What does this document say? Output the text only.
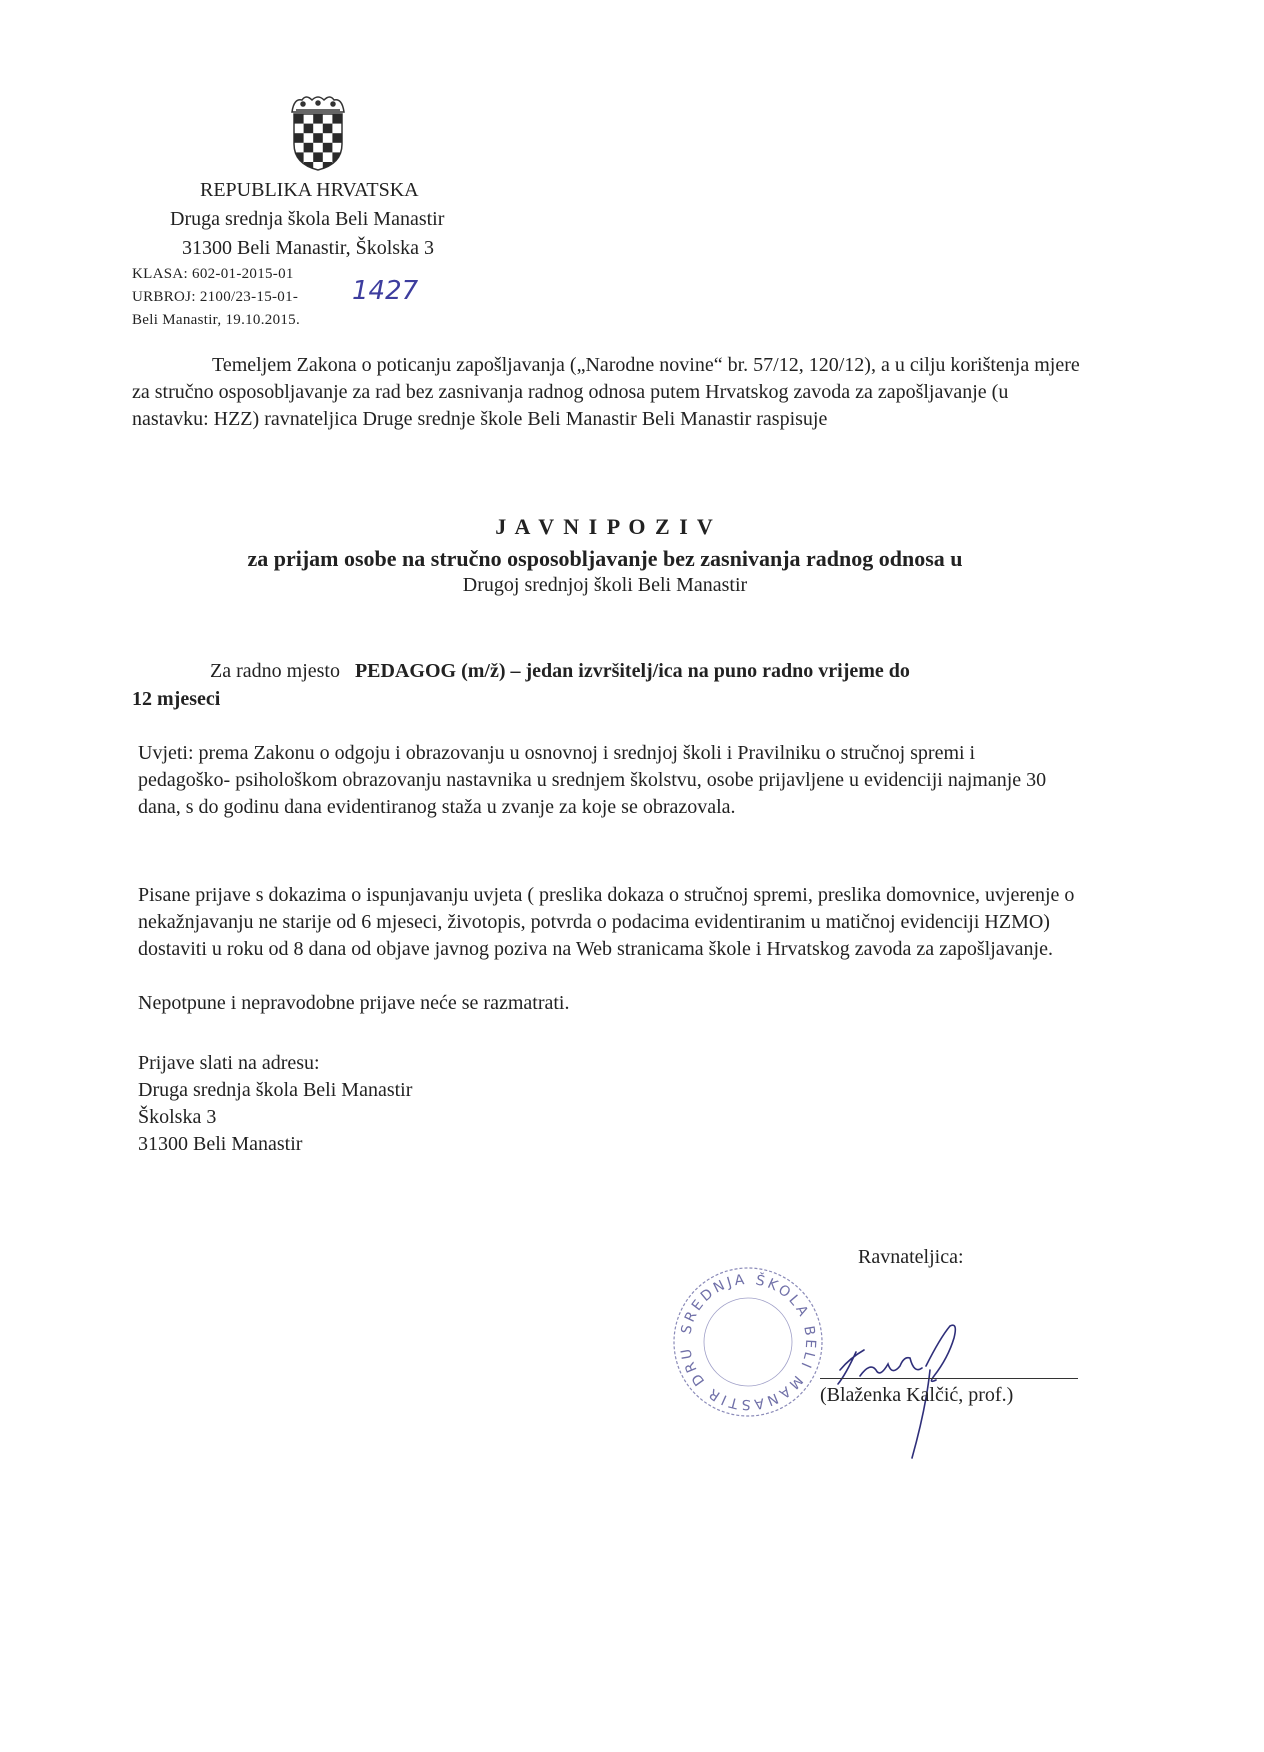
REPUBLIKA HRVATSKA
Druga srednja škola Beli Manastir
31300 Beli Manastir, Školska 3
KLASA: 602-01-2015-01
URBROJ: 2100/23-15-01- 1427
Beli Manastir, 19.10.2015.
Temeljem Zakona o poticanju zapošljavanja („Narodne novine“ br. 57/12, 120/12), a u cilju korištenja mjere za stručno osposobljavanje za rad bez zasnivanja radnog odnosa putem Hrvatskog zavoda za zapošljavanje (u nastavku: HZZ) ravnateljica Druge srednje škole Beli Manastir Beli Manastir raspisuje
J A V N I P O Z I V
za prijam osobe na stručno osposobljavanje bez zasnivanja radnog odnosa u
Drugoj srednjoj školi Beli Manastir
Za radno mjesto PEDAGOG (m/ž) – jedan izvršitelj/ica na puno radno vrijeme do
12 mjeseci
Uvjeti: prema Zakonu o odgoju i obrazovanju u osnovnoj i srednjoj školi i Pravilniku o stručnoj spremi i pedagoško- psihološkom obrazovanju nastavnika u srednjem školstvu, osobe prijavljene u evidenciji najmanje 30 dana, s do godinu dana evidentiranog staža u zvanje za koje se obrazovala.
Pisane prijave s dokazima o ispunjavanju uvjeta ( preslika dokaza o stručnoj spremi, preslika domovnice, uvjerenje o nekažnjavanju ne starije od 6 mjeseci, životopis, potvrda o podacima evidentiranim u matičnoj evidenciji HZMO) dostaviti u roku od 8 dana od objave javnog poziva na Web stranicama škole i Hrvatskog zavoda za zapošljavanje.
Nepotpune i nepravodobne prijave neće se razmatrati.
Prijave slati na adresu:
Druga srednja škola Beli Manastir
Školska 3
31300 Beli Manastir
Ravnateljica:
SREDNJA ŠKOLA BELI MANASTIR DRU
(Blaženka Kalčić, prof.)
